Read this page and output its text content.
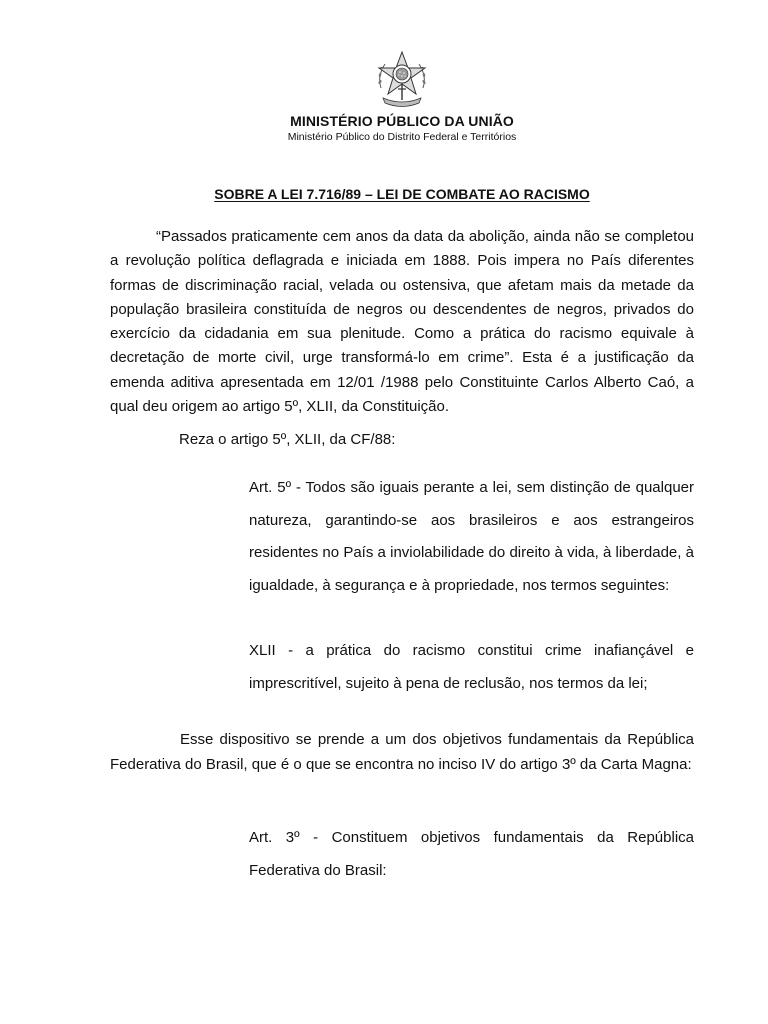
MINISTÉRIO PÚBLICO DA UNIÃO
Ministério Público do Distrito Federal e Territórios
SOBRE A LEI 7.716/89 – LEI DE COMBATE AO RACISMO

“Passados praticamente cem anos da data da abolição, ainda não se completou a revolução política deflagrada e iniciada em 1888. Pois impera no País diferentes formas de discriminação racial, velada ou ostensiva, que afetam mais da metade da população brasileira constituída de negros ou descendentes de negros, privados do exercício da cidadania em sua plenitude. Como a prática do racismo equivale à decretação de morte civil, urge transformá-lo em crime”. Esta é a justificação da emenda aditiva apresentada em 12/01 /1988 pelo Constituinte Carlos Alberto Caó, a qual deu origem ao artigo 5º, XLII, da Constituição.

Reza o artigo 5º, XLII, da CF/88:

Art. 5º - Todos são iguais perante a lei, sem distinção de qualquer natureza, garantindo-se aos brasileiros e aos estrangeiros residentes no País a inviolabilidade do direito à vida, à liberdade, à igualdade, à segurança e à propriedade, nos termos seguintes:

XLII - a prática do racismo constitui crime inafiançável e imprescritível, sujeito à pena de reclusão, nos termos da lei;

Esse dispositivo se prende a um dos objetivos fundamentais da República Federativa do Brasil, que é o que se encontra no inciso IV do artigo 3º da Carta Magna:

Art. 3º - Constituem objetivos fundamentais da República Federativa do Brasil:
